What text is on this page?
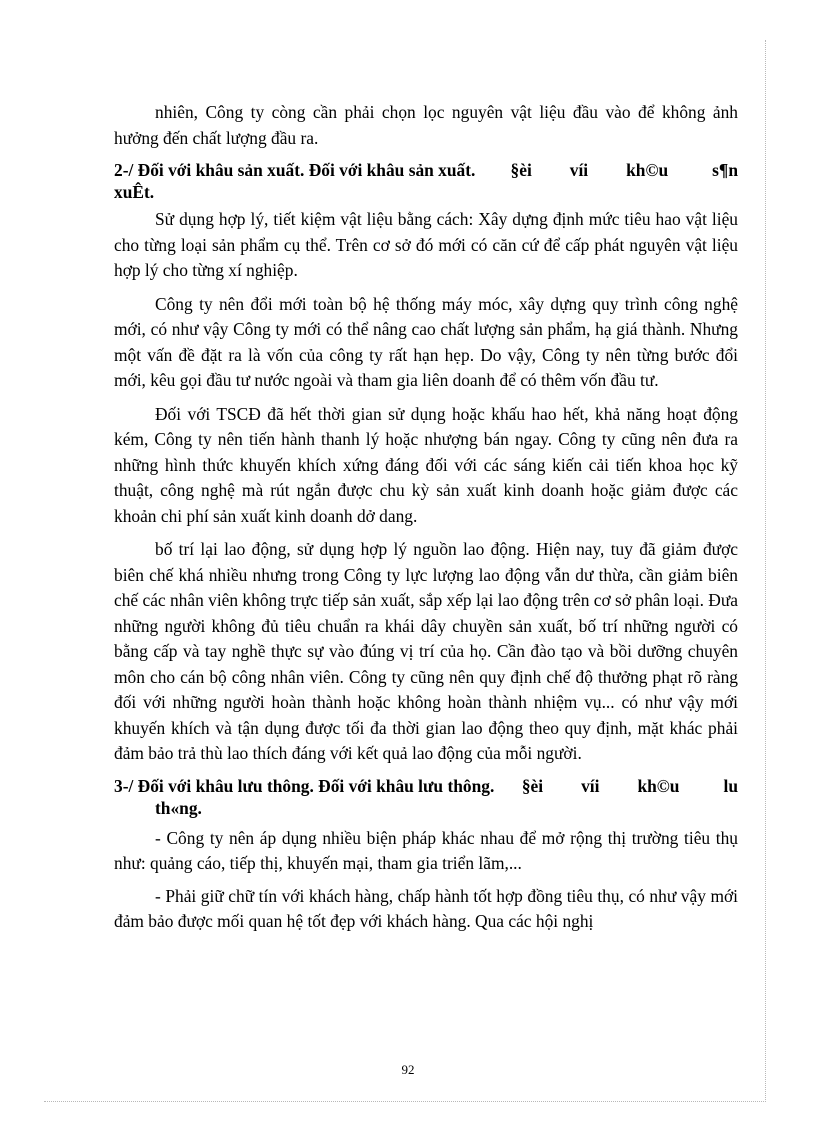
nhiên, Công ty còng cần phải chọn lọc nguyên vật liệu đầu vào để không ảnh hưởng đến chất lượng đầu ra.

2-/ Đối với khâu sản xuất. Đối với khâu sản xuất. §èi víi kh©u	s¶n
xuÊt.

Sử dụng hợp lý, tiết kiệm vật liệu bằng cách: Xây dựng định mức tiêu hao vật liệu cho từng loại sản phẩm cụ thể. Trên cơ sở đó mới có căn cứ để cấp phát nguyên vật liệu hợp lý cho từng xí nghiệp.

Công ty nên đổi mới toàn bộ hệ thống máy móc, xây dựng quy trình công nghệ mới, có như vậy Công ty mới có thể nâng cao chất lượng sản phẩm, hạ giá thành. Nhưng một vấn đề đặt ra là vốn của công ty rất hạn hẹp. Do vậy, Công ty nên từng bước đổi mới, kêu gọi đầu tư nước ngoài và tham gia liên doanh để có thêm vốn đầu tư.

Đối với TSCĐ đã hết thời gian sử dụng hoặc khấu hao hết, khả năng hoạt động kém, Công ty nên tiến hành thanh lý hoặc nhượng bán ngay. Công ty cũng nên đưa ra những hình thức khuyến khích xứng đáng đối với các sáng kiến cải tiến khoa học kỹ thuật, công nghệ mà rút ngắn được chu kỳ sản xuất kinh doanh hoặc giảm được các khoản chi phí sản xuất kinh doanh dở dang.

bố trí lại lao động, sử dụng hợp lý nguồn lao động. Hiện nay, tuy đã giảm được biên chế khá nhiều nhưng trong Công ty lực lượng lao động vẫn dư thừa, cần giảm biên chế các nhân viên không trực tiếp sản xuất, sắp xếp lại lao động trên cơ sở phân loại. Đưa những người không đủ tiêu chuẩn ra khái dây chuyền sản xuất, bố trí những người có bằng cấp và tay nghề thực sự vào đúng vị trí của họ. Cần đào tạo và bồi dưỡng chuyên môn cho cán bộ công nhân viên. Công ty cũng nên quy định chế độ thưởng phạt rõ ràng đối với những người hoàn thành hoặc không hoàn thành nhiệm vụ... có như vậy mới khuyến khích và tận dụng được tối đa thời gian lao động theo quy định, mặt khác phải đảm bảo trả thù lao thích đáng với kết quả lao động của mỗi người.

3-/ Đối với khâu lưu thông. Đối với khâu lưu thông. §èi víi kh©u	lu
th«ng.

- Công ty nên áp dụng nhiều biện pháp khác nhau để mở rộng thị trường tiêu thụ như: quảng cáo, tiếp thị, khuyến mại, tham gia triển lãm,...

- Phải giữ chữ tín với khách hàng, chấp hành tốt hợp đồng tiêu thụ, có như vậy mới đảm bảo được mối quan hệ tốt đẹp với khách hàng. Qua các hội nghị

92
